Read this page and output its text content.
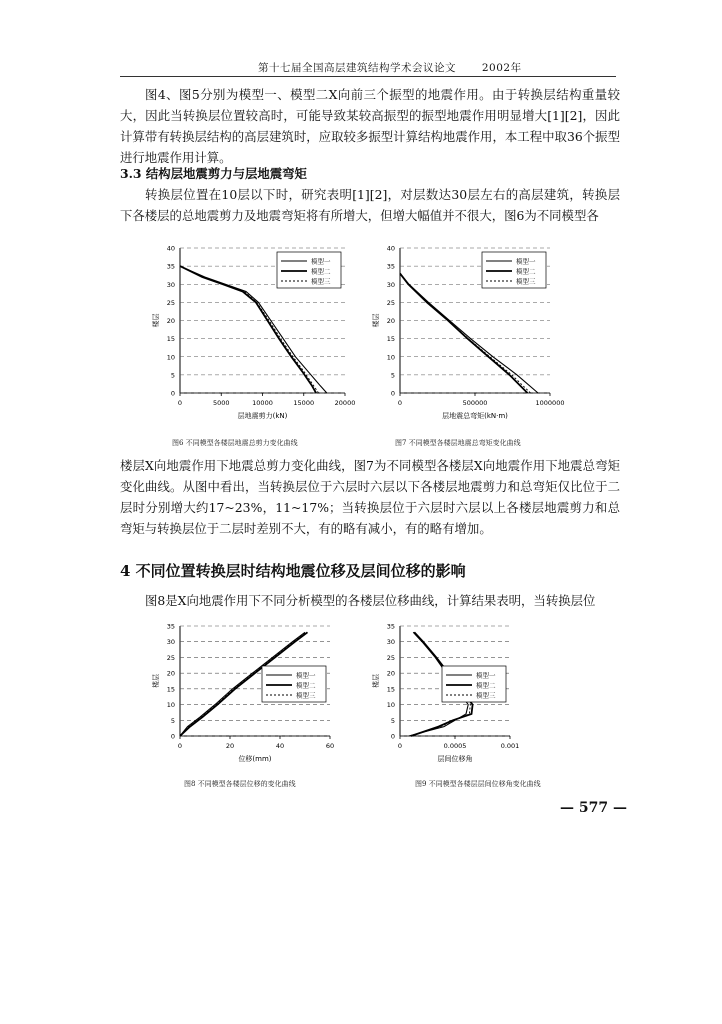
第十七届全国高层建筑结构学术会议论文 2002年
图4、图5分别为模型一、模型二X向前三个振型的地震作用。由于转换层结构重量较大，因此当转换层位置较高时，可能导致某较高振型的振型地震作用明显增大[1][2]，因此计算带有转换层结构的高层建筑时，应取较多振型计算结构地震作用，本工程中取36个振型进行地震作用计算。
3.3 结构层地震剪力与层地震弯矩
转换层位置在10层以下时，研究表明[1][2]，对层数达30层左右的高层建筑，转换层下各楼层的总地震剪力及地震弯矩将有所增大，但增大幅值并不很大，图6为不同模型各
0
5
10
15
20
25
30
35
40
0	5000	10000	15000	20000
层地震剪力(kN)
楼层
模型一
模型二
模型三
0
5
10
15
20
25
30
35
40
0	500000	1000000
层地震总弯矩(kN·m)
楼层
模型一
模型二
模型三
图6 不同模型各楼层地震总剪力变化曲线	图7 不同模型各楼层地震总弯矩变化曲线
楼层X向地震作用下地震总剪力变化曲线，图7为不同模型各楼层X向地震作用下地震总弯矩变化曲线。从图中看出，当转换层位于六层时六层以下各楼层地震剪力和总弯矩仅比位于二层时分别增大约17~23%，11~17%；当转换层位于六层时六层以上各楼层地震剪力和总弯矩与转换层位于二层时差别不大，有的略有减小，有的略有增加。
4 不同位置转换层时结构地震位移及层间位移的影响
图8是X向地震作用下不同分析模型的各楼层位移曲线，计算结果表明，当转换层位
0
5
10
15
20
25
30
35
0	20	40	60
位移(mm)
楼层	模型一
模型二
模型三
0
5
10
15
20
25
30
35
0	0.0005	0.001
层间位移角
楼层	模型一
模型二
模型三
图8 不同模型各楼层位移的变化曲线	图9 不同模型各楼层层间位移角变化曲线
— 577 —
